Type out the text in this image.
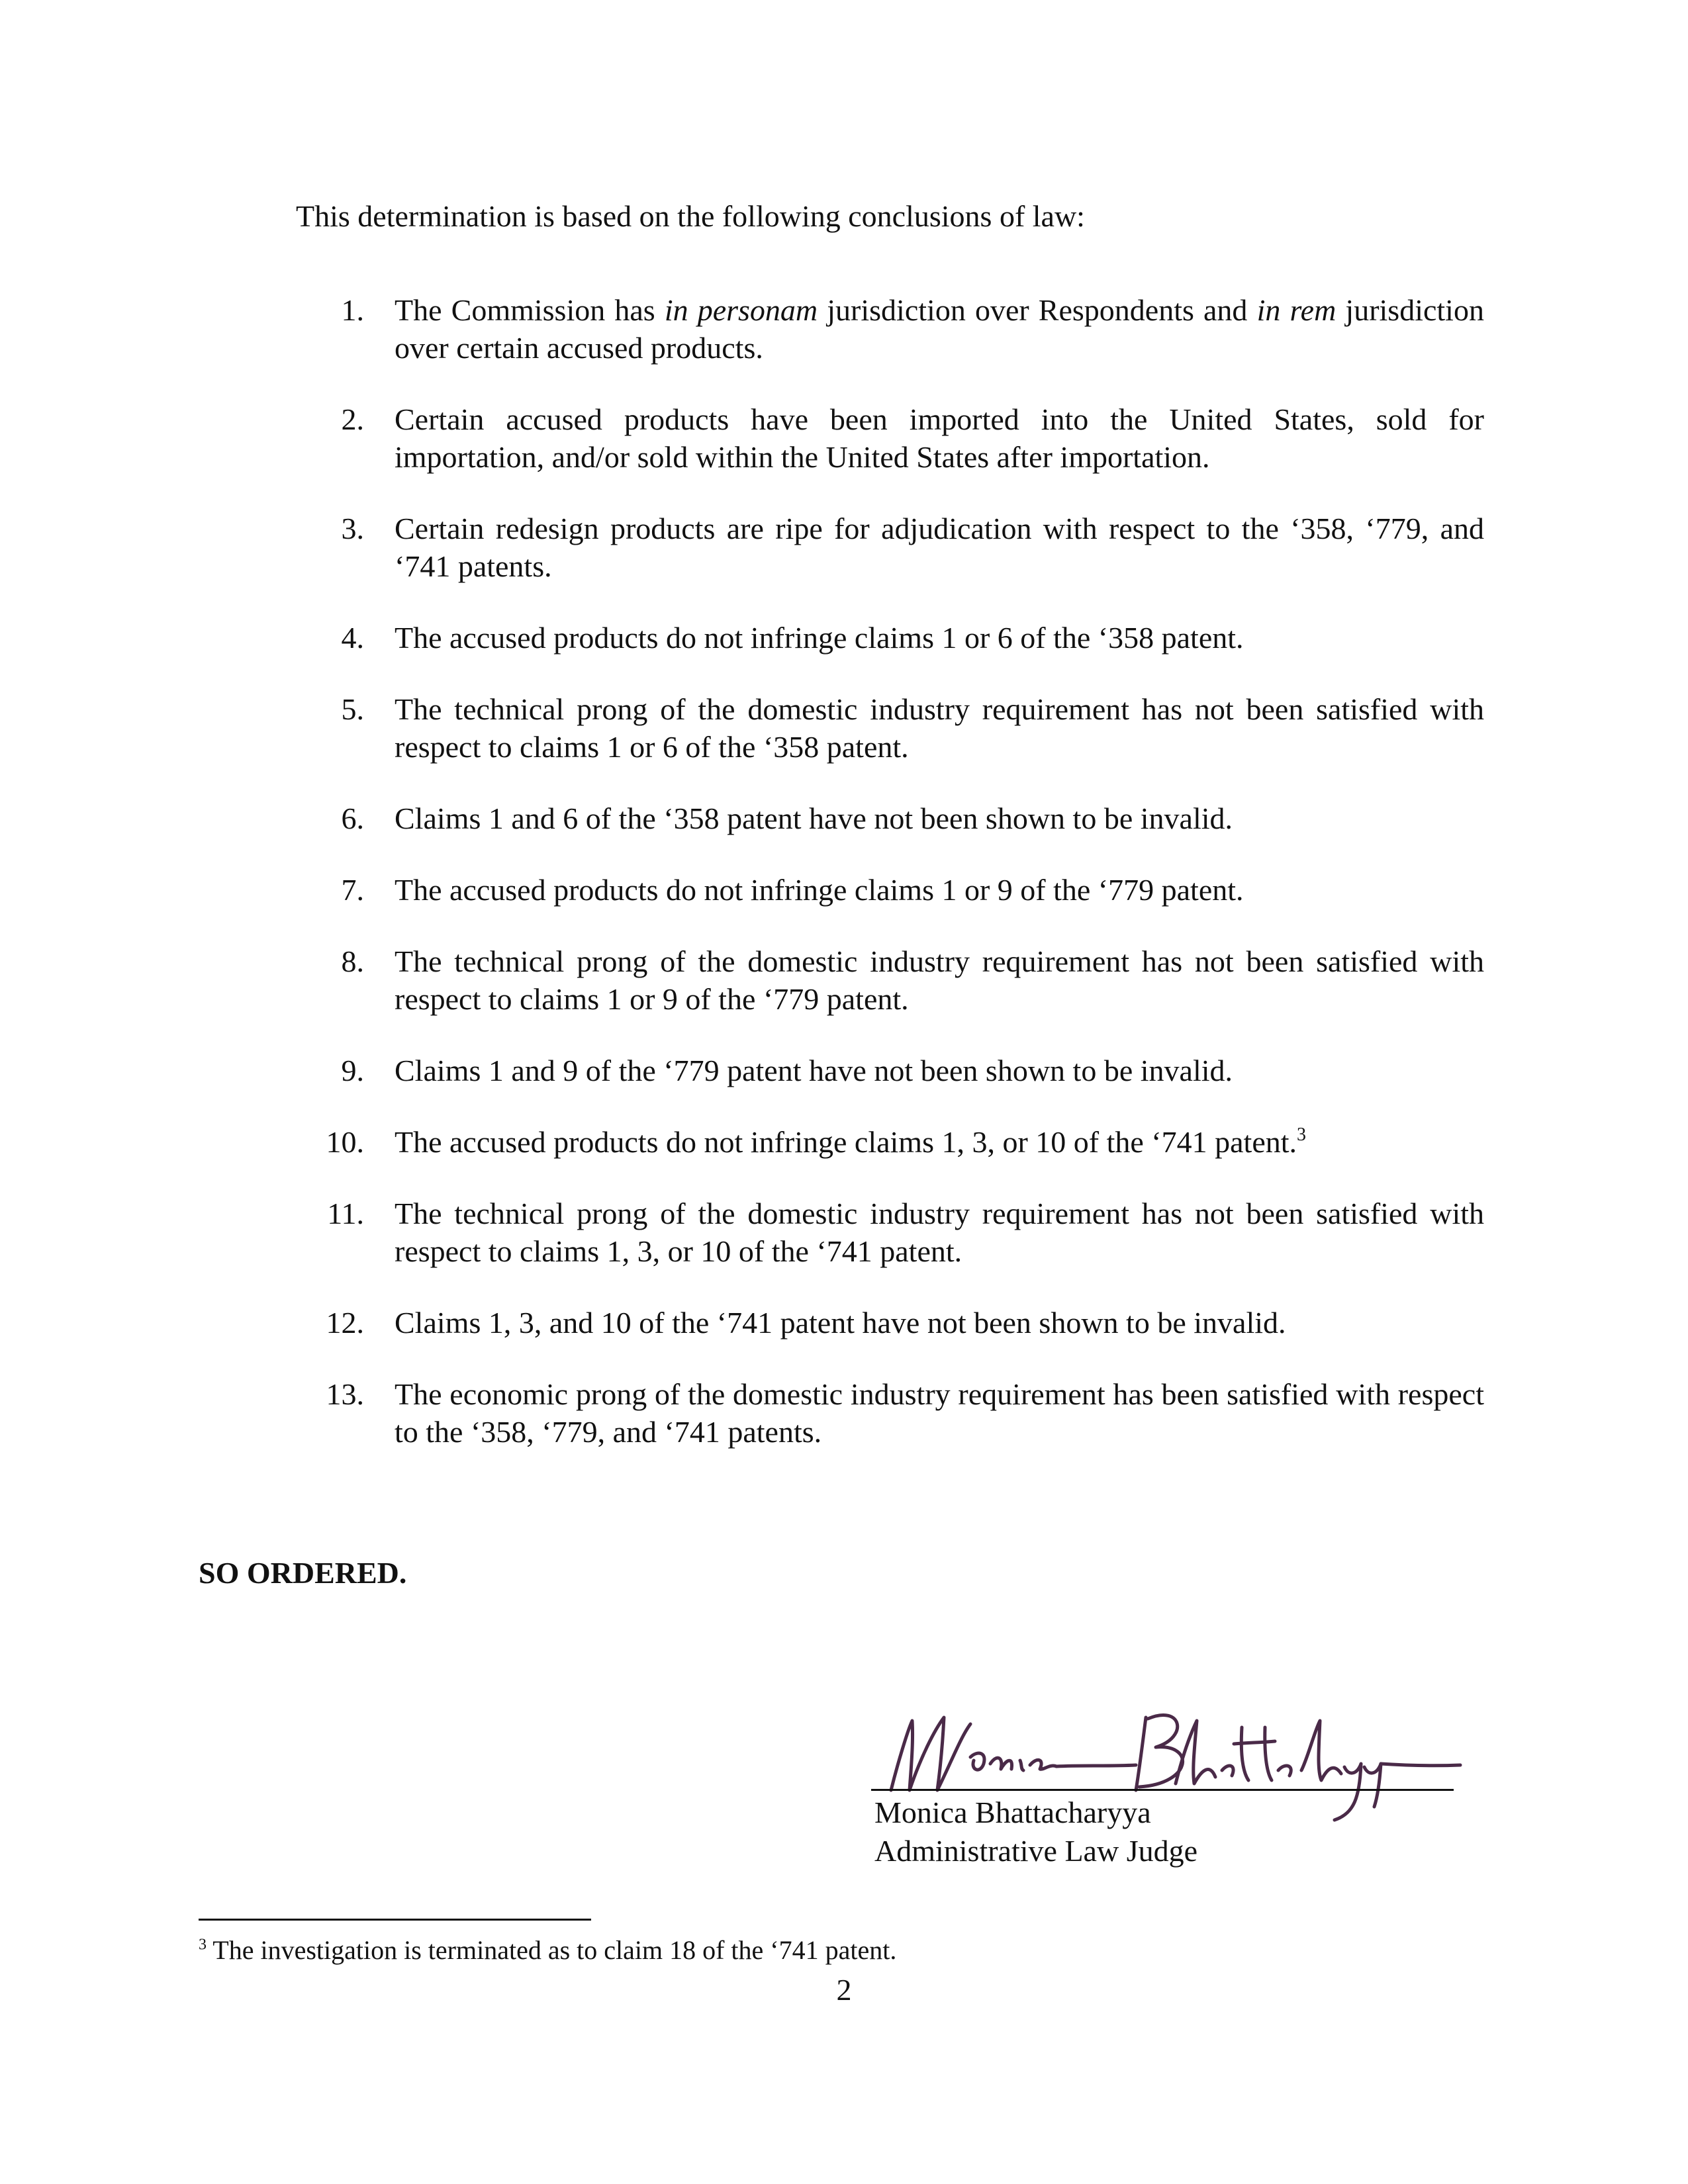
This determination is based on the following conclusions of law:
1. The Commission has in personam jurisdiction over Respondents and in rem jurisdiction over certain accused products.
2. Certain accused products have been imported into the United States, sold for importation, and/or sold within the United States after importation.
3. Certain redesign products are ripe for adjudication with respect to the ‘358, ‘779, and ‘741 patents.
4. The accused products do not infringe claims 1 or 6 of the ‘358 patent.
5. The technical prong of the domestic industry requirement has not been satisfied with respect to claims 1 or 6 of the ‘358 patent.
6. Claims 1 and 6 of the ‘358 patent have not been shown to be invalid.
7. The accused products do not infringe claims 1 or 9 of the ‘779 patent.
8. The technical prong of the domestic industry requirement has not been satisfied with respect to claims 1 or 9 of the ‘779 patent.
9. Claims 1 and 9 of the ‘779 patent have not been shown to be invalid.
10. The accused products do not infringe claims 1, 3, or 10 of the ‘741 patent.$^3$
11. The technical prong of the domestic industry requirement has not been satisfied with respect to claims 1, 3, or 10 of the ‘741 patent.
12. Claims 1, 3, and 10 of the ‘741 patent have not been shown to be invalid.
13. The economic prong of the domestic industry requirement has been satisfied with respect to the ‘358, ‘779, and ‘741 patents.
SO ORDERED.
Monica Bhattacharyya
Administrative Law Judge
$^3$ The investigation is terminated as to claim 18 of the ‘741 patent.
2
